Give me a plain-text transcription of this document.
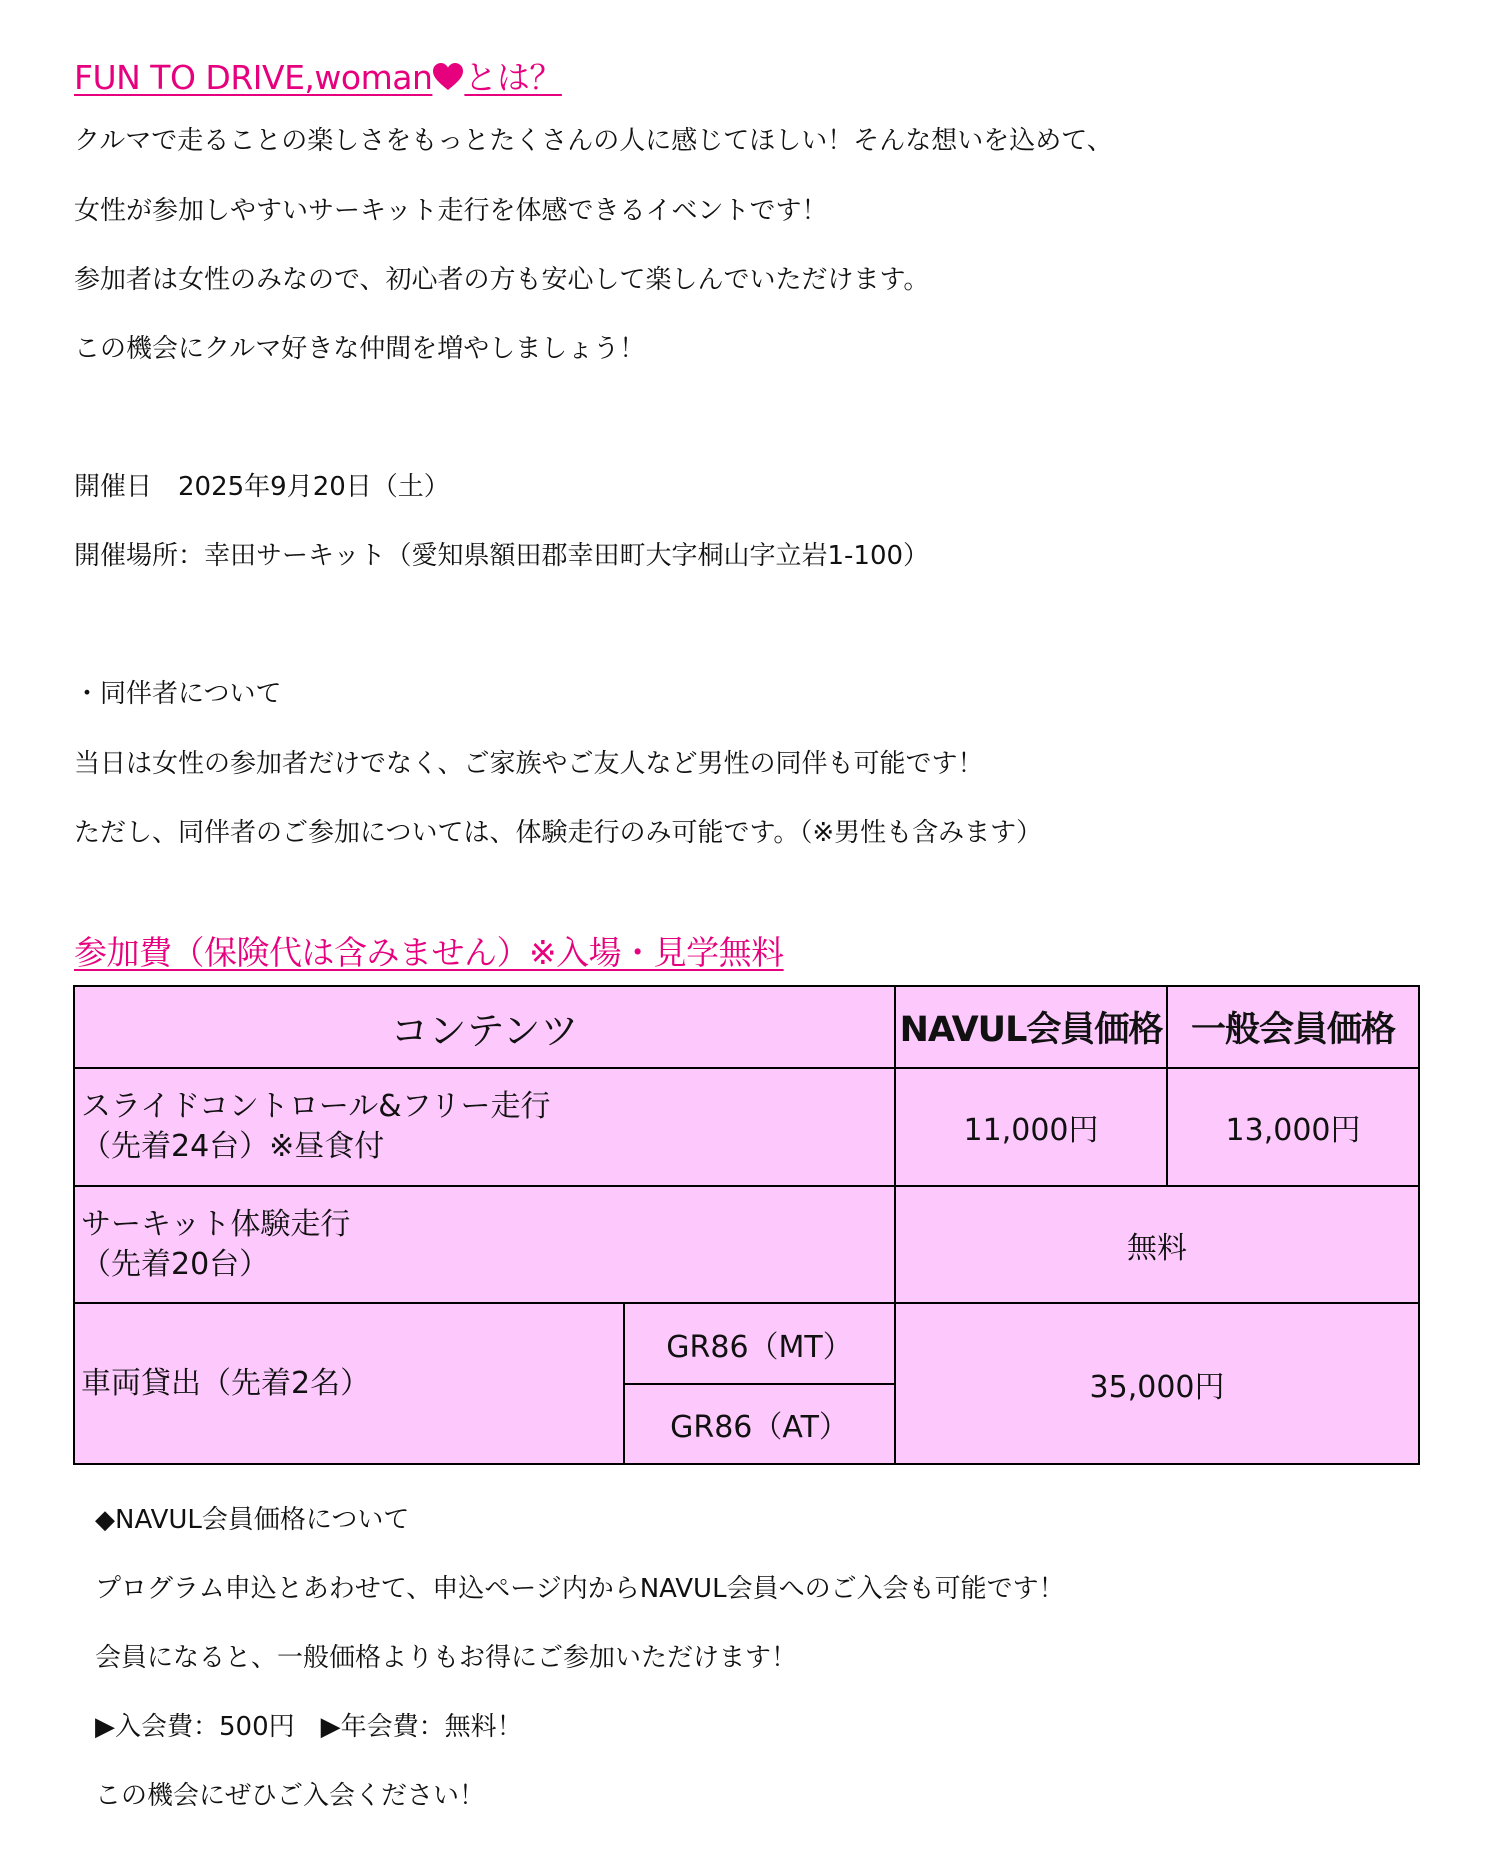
FUN TO DRIVE,woman とは？
クルマで走ることの楽しさをもっとたくさんの人に感じてほしい！そんな想いを込めて、
女性が参加しやすいサーキット走行を体感できるイベントです！
参加者は女性のみなので、初心者の方も安心して楽しんでいただけます。
この機会にクルマ好きな仲間を増やしましょう！
開催日　2025年9月20日（土）
開催場所：幸田サーキット（愛知県額田郡幸田町大字桐山字立岩1-100）
・同伴者について
当日は女性の参加者だけでなく、ご家族やご友人など男性の同伴も可能です！
ただし、同伴者のご参加については、体験走行のみ可能です。（※男性も含みます）
参加費（保険代は含みません）※入場・見学無料
コンテンツ		NAVUL会員価格	一般会員価格

スライドコントロール&フリー走行
（先着24台）※昼食付		11,000円	13,000円

サーキット体験走行
（先着20台）		無料	
車両貸出（先着2名）	GR86（MT）	35,000円	
	GR86（AT）		
◆NAVUL会員価格について
プログラム申込とあわせて、申込ページ内からNAVUL会員へのご入会も可能です！
会員になると、一般価格よりもお得にご参加いただけます！
▶入会費：500円　▶年会費：無料！
この機会にぜひご入会ください！
